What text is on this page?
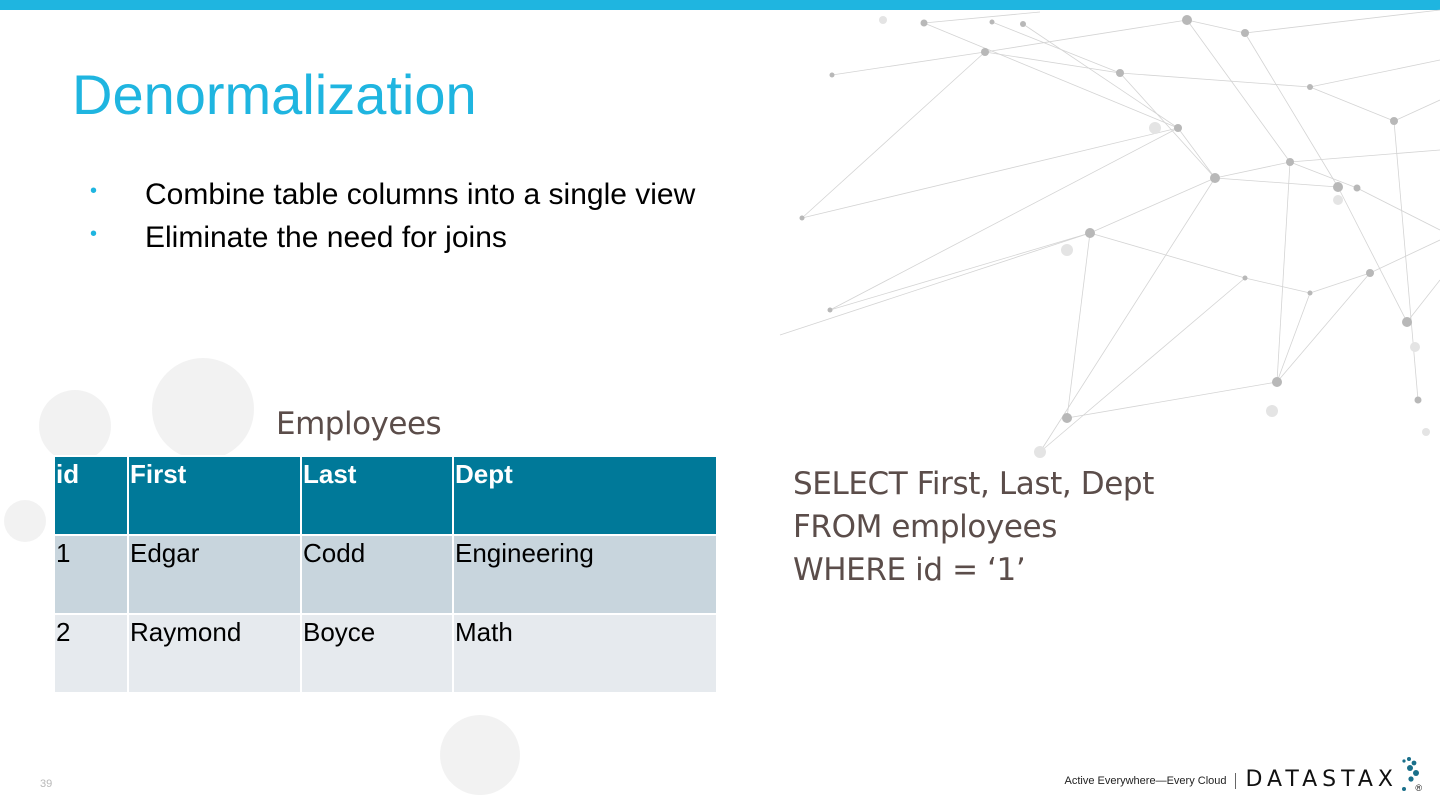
Denormalization
• Combine table columns into a single view
• Eliminate the need for joins
Employees
id	First	Last	Dept
1	Edgar	Codd	Engineering
2	Raymond	Boyce	Math
SELECT First, Last, Dept
FROM employees
WHERE id = ‘1’
39	Active Everywhere—Every Cloud DATASTAX ®
